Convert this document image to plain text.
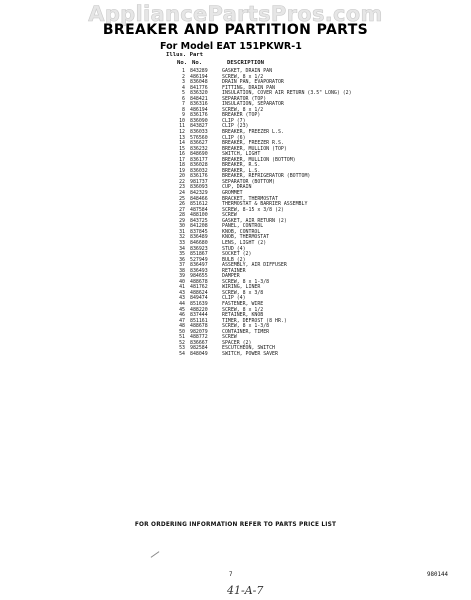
AppliancePartsPros.com
BREAKER AND PARTITION PARTS
For Model EAT 151PKWR-1
Illus. Part
No. No.	DESCRIPTION
1 843289	GASKET, DRAIN PAN
2 486194	SCREW, 8 x 1/2
3 836048	DRAIN PAN, EVAPORATOR
4 841776	FITTING, DRAIN PAN
5 836320	INSULATION, COVER AIR RETURN (3.5" LONG) (2)
6 848421	SEPARATOR (TOP)
7 836316	INSULATION, SEPARATOR
8 486194	SCREW, 8 x 1/2
9 836176	BREAKER (TOP)
10 836090	CLIP (7)
11 843827	CLIP (23)
12 836033	BREAKER, FREEZER L.S.
13 576560	CLIP (6)
14 836627	BREAKER, FREEZER R.S.
15 836232	BREAKER, MULLION (TOP)
16 848690	SWITCH, LIGHT
17 836177	BREAKER, MULLION (BOTTOM)
18 836028	BREAKER, R.S.
19 836032	BREAKER, L.S.
20 836176	BREAKER, REFRIGERATOR (BOTTOM)
22 981737	SEPARATOR (BOTTOM)
23 836093	CUP, DRAIN
24 842329	GROMMET
25 848466	BRACKET, THERMOSTAT
26 851612	THERMOSTAT & BARRIER ASSEMBLY
27 487584	SCREW, 8-15 x 3/8 (2)
28 488100	SCREW
29 843725	GASKET, AIR RETURN (2)
30 841208	PANEL, CONTROL
31 837845	KNOB, CONTROL
32 836489	KNOB, THERMOSTAT
33 846680	LENS, LIGHT (2)
34 836923	STUD (4)
35 851867	SOCKET (2)
36 527949	BULB (2)
37 836497	ASSEMBLY, AIR DIFFUSER
38 836493	RETAINER
39 984655	DAMPER
40 488678	SCREW, 8 x 1-3/8
41 481762	WIRING, LINER
43 488624	SCREW, 8 x 3/8
43 849474	CLIP (4)
44 851639	FASTENER, WIRE
45 488220	SCREW, 8 x 1/2
46 837444	RETAINER, KNOB
47 851161	TIMER, DEFROST (8 HR.)
48 488678	SCREW, 8 x 1-3/8
50 982079	CONTAINER, TIMER
51 488772	SCREW
52 836667	SPACER (2)
53 982584	ESCUTCHEON, SWITCH
54 848049	SWITCH, POWER SAVER
FOR ORDERING INFORMATION REFER TO PARTS PRICE LIST
7	980144
41-A-7
